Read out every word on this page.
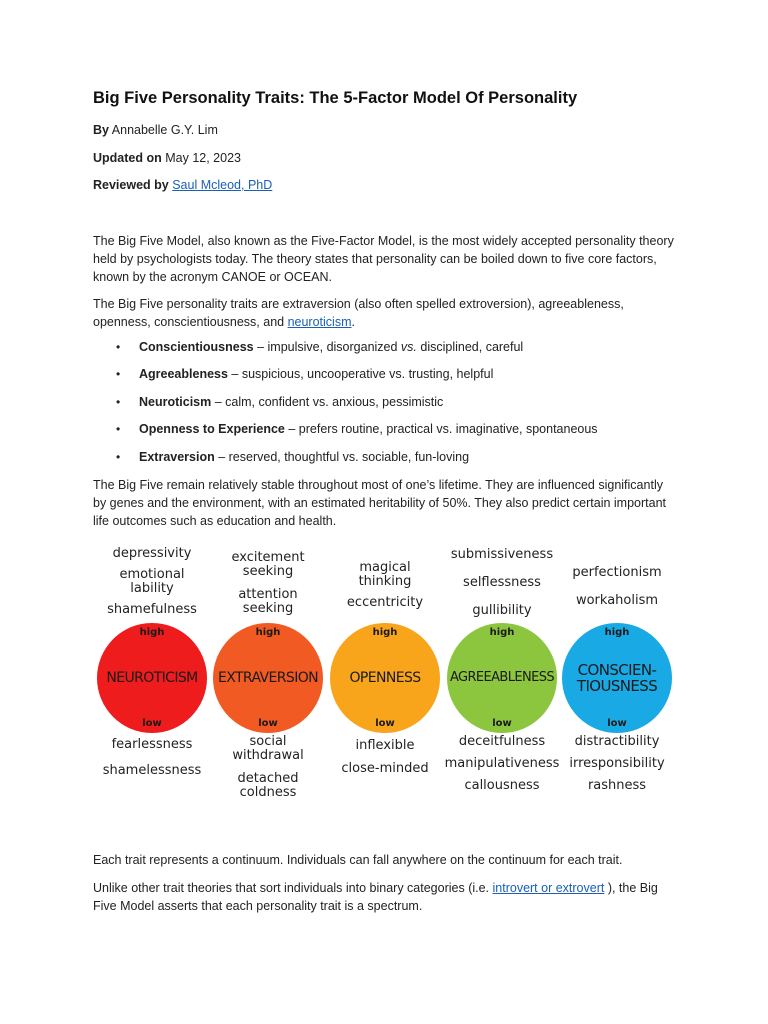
Big Five Personality Traits: The 5-Factor Model Of Personality
By Annabelle G.Y. Lim
Updated on May 12, 2023
Reviewed by Saul Mcleod, PhD

The Big Five Model, also known as the Five-Factor Model, is the most widely accepted personality theory held by psychologists today. The theory states that personality can be boiled down to five core factors, known by the acronym CANOE or OCEAN.

The Big Five personality traits are extraversion (also often spelled extroversion), agreeableness, openness, conscientiousness, and neuroticism.

• Conscientiousness – impulsive, disorganized vs. disciplined, careful
• Agreeableness – suspicious, uncooperative vs. trusting, helpful
• Neuroticism – calm, confident vs. anxious, pessimistic
• Openness to Experience – prefers routine, practical vs. imaginative, spontaneous
• Extraversion – reserved, thoughtful vs. sociable, fun-loving

The Big Five remain relatively stable throughout most of one’s lifetime. They are influenced significantly by genes and the environment, with an estimated heritability of 50%. They also predict certain important life outcomes such as education and health.

depressivity
emotional
lability
shamefulness
high
NEUROTICISM
low
fearlessness
shamelessness
excitement
seeking
attention
seeking
high
EXTRAVERSION
low
social
withdrawal
detached
coldness
magical
thinking
eccentricity
high
OPENNESS
low
inflexible
close-minded
submissiveness
selflessness
gullibility
high
AGREEABLENESS
low
deceitfulness
manipulativeness
callousness
perfectionism
workaholism
high
CONSCIEN-
TIOUSNESS
low
distractibility
irresponsibility
rashness

Each trait represents a continuum. Individuals can fall anywhere on the continuum for each trait.

Unlike other trait theories that sort individuals into binary categories (i.e. introvert or extrovert ), the Big Five Model asserts that each personality trait is a spectrum.
